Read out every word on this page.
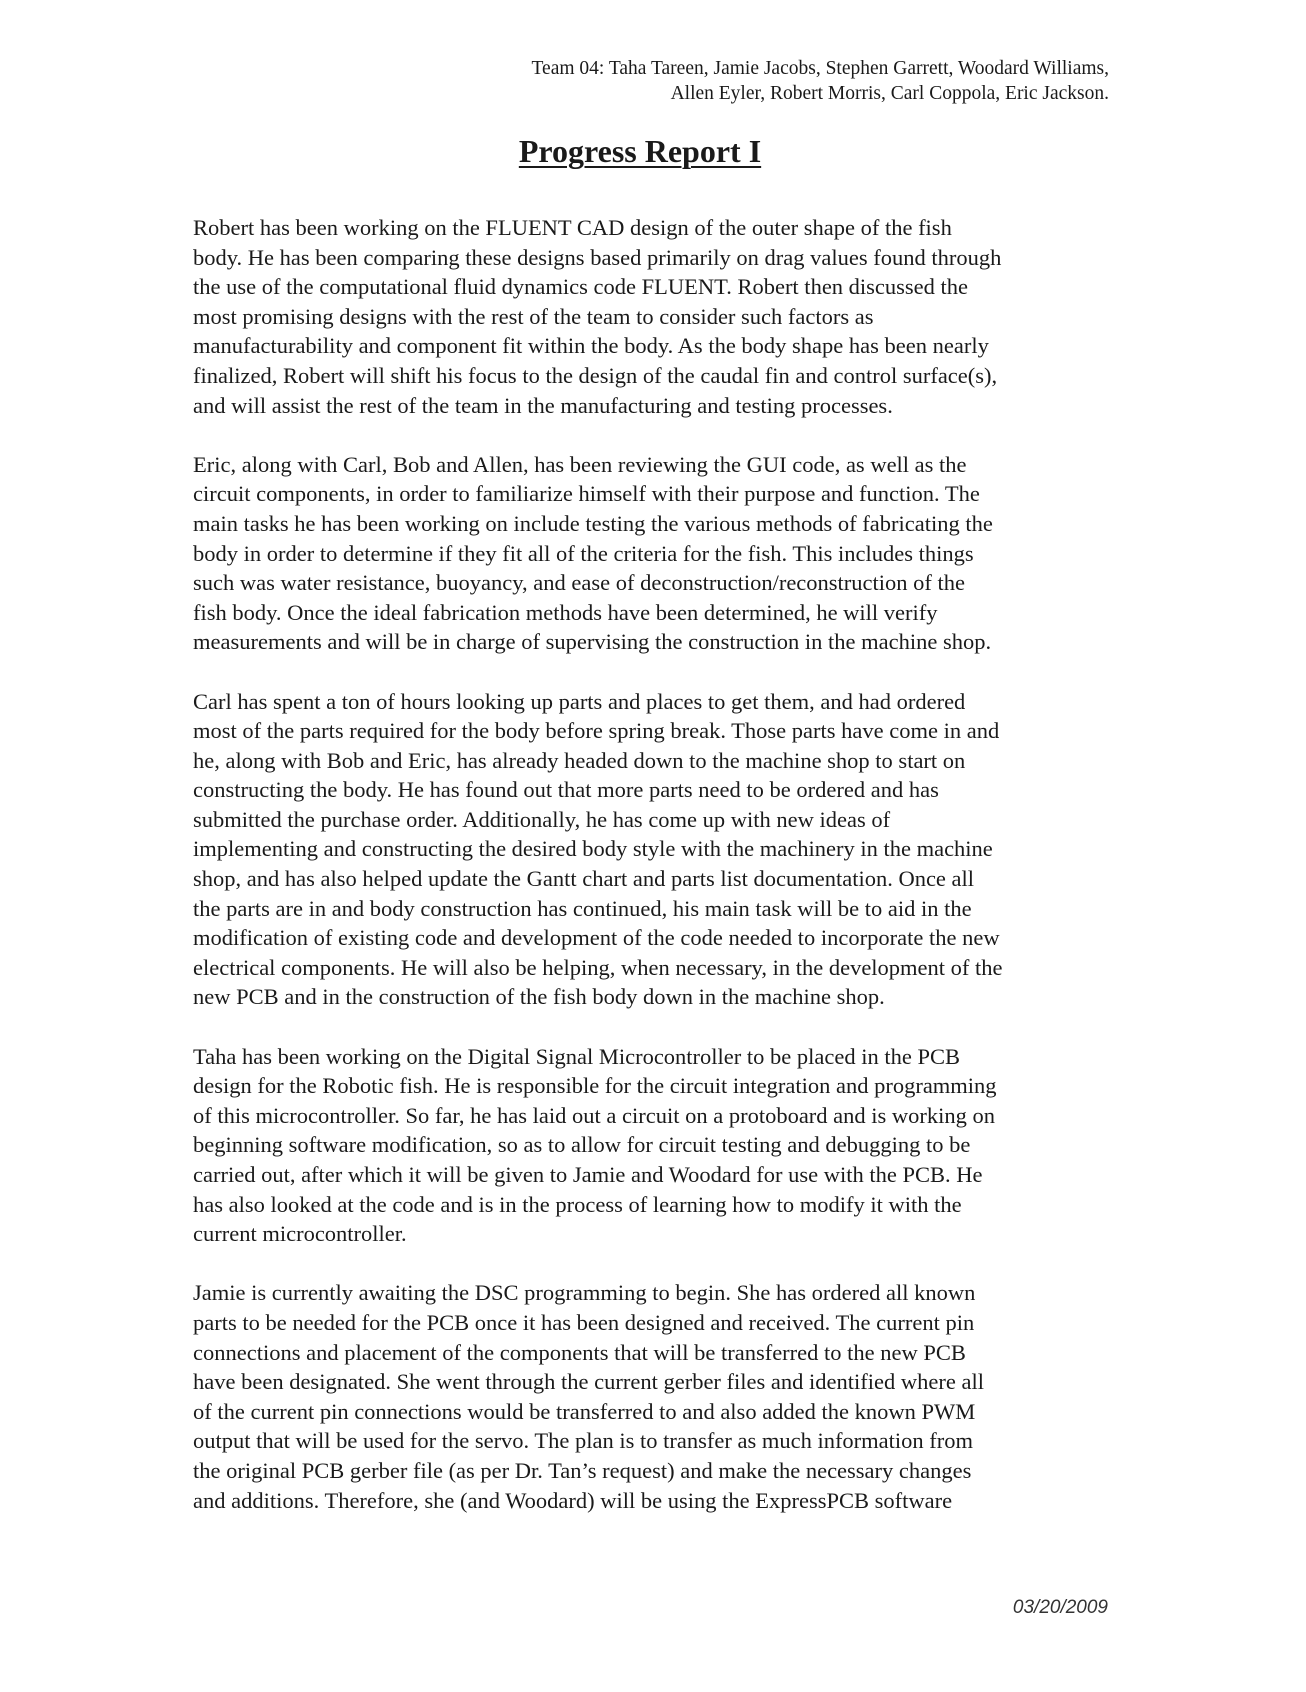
Team 04: Taha Tareen, Jamie Jacobs, Stephen Garrett, Woodard Williams,
Allen Eyler, Robert Morris, Carl Coppola, Eric Jackson.
Progress Report I

Robert has been working on the FLUENT CAD design of the outer shape of the fish
body. He has been comparing these designs based primarily on drag values found through
the use of the computational fluid dynamics code FLUENT. Robert then discussed the
most promising designs with the rest of the team to consider such factors as
manufacturability and component fit within the body. As the body shape has been nearly
finalized, Robert will shift his focus to the design of the caudal fin and control surface(s),
and will assist the rest of the team in the manufacturing and testing processes.

Eric, along with Carl, Bob and Allen, has been reviewing the GUI code, as well as the
circuit components, in order to familiarize himself with their purpose and function. The
main tasks he has been working on include testing the various methods of fabricating the
body in order to determine if they fit all of the criteria for the fish. This includes things
such was water resistance, buoyancy, and ease of deconstruction/reconstruction of the
fish body. Once the ideal fabrication methods have been determined, he will verify
measurements and will be in charge of supervising the construction in the machine shop.

Carl has spent a ton of hours looking up parts and places to get them, and had ordered
most of the parts required for the body before spring break. Those parts have come in and
he, along with Bob and Eric, has already headed down to the machine shop to start on
constructing the body. He has found out that more parts need to be ordered and has
submitted the purchase order. Additionally, he has come up with new ideas of
implementing and constructing the desired body style with the machinery in the machine
shop, and has also helped update the Gantt chart and parts list documentation. Once all
the parts are in and body construction has continued, his main task will be to aid in the
modification of existing code and development of the code needed to incorporate the new
electrical components. He will also be helping, when necessary, in the development of the
new PCB and in the construction of the fish body down in the machine shop.

Taha has been working on the Digital Signal Microcontroller to be placed in the PCB
design for the Robotic fish. He is responsible for the circuit integration and programming
of this microcontroller. So far, he has laid out a circuit on a protoboard and is working on
beginning software modification, so as to allow for circuit testing and debugging to be
carried out, after which it will be given to Jamie and Woodard for use with the PCB. He
has also looked at the code and is in the process of learning how to modify it with the
current microcontroller.

Jamie is currently awaiting the DSC programming to begin. She has ordered all known
parts to be needed for the PCB once it has been designed and received. The current pin
connections and placement of the components that will be transferred to the new PCB
have been designated. She went through the current gerber files and identified where all
of the current pin connections would be transferred to and also added the known PWM
output that will be used for the servo. The plan is to transfer as much information from
the original PCB gerber file (as per Dr. Tan’s request) and make the necessary changes
and additions. Therefore, she (and Woodard) will be using the ExpressPCB software

03/20/2009
